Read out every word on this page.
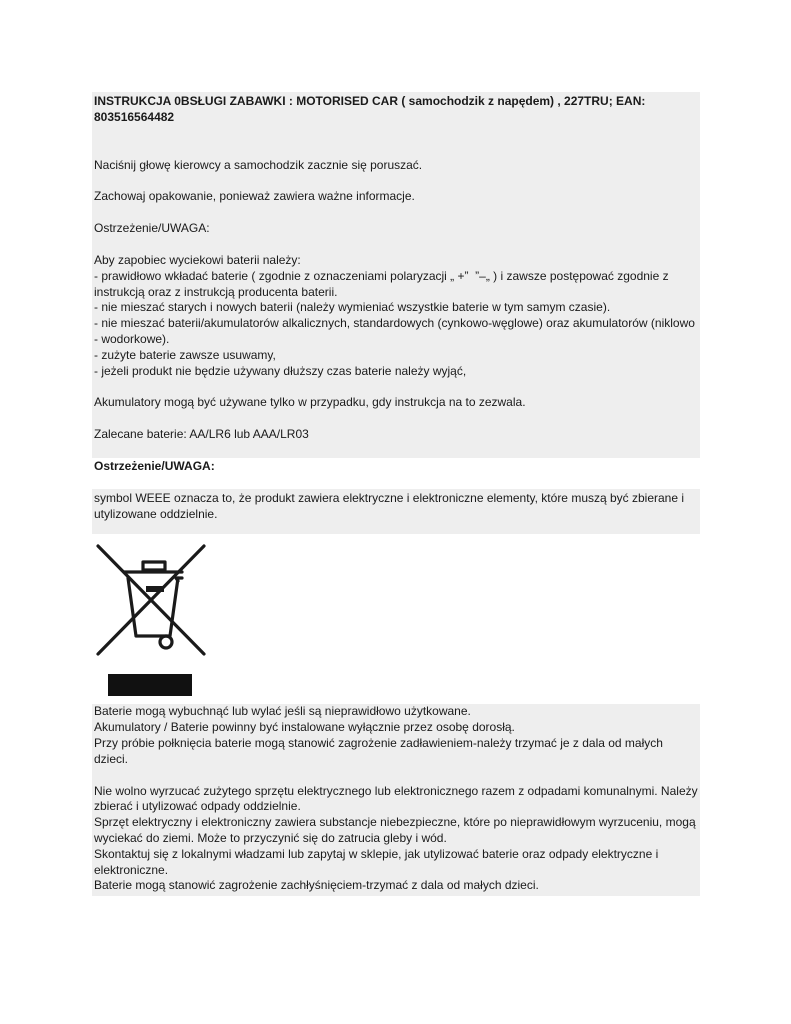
INSTRUKCJA 0BSŁUGI ZABAWKI : MOTORISED CAR ( samochodzik z napędem) , 227TRU; EAN: 803516564482
Naciśnij głowę kierowcy a samochodzik zacznie się poruszać.
Zachowaj opakowanie, ponieważ zawiera ważne informacje.
Ostrzeżenie/UWAGA:
Aby zapobiec wyciekowi baterii należy:
- prawidłowo wkładać baterie ( zgodnie z oznaczeniami polaryzacji „ +”  ”–„ ) i zawsze postępować zgodnie z
instrukcją oraz z instrukcją producenta baterii.
- nie mieszać starych i nowych baterii (należy wymieniać wszystkie baterie w tym samym czasie).
- nie mieszać baterii/akumulatorów alkalicznych, standardowych (cynkowo-węglowe) oraz akumulatorów (niklowo
- wodorkowe).
- zużyte baterie zawsze usuwamy,
- jeżeli produkt nie będzie używany dłuższy czas baterie należy wyjąć,
Akumulatory mogą być używane tylko w przypadku, gdy instrukcja na to zezwala.
Zalecane baterie: AA/LR6 lub AAA/LR03
Ostrzeżenie/UWAGA:
symbol WEEE oznacza to, że produkt zawiera elektryczne i elektroniczne elementy, które muszą być zbierane i
utylizowane oddzielnie.
Baterie mogą wybuchnąć lub wylać jeśli są nieprawidłowo użytkowane.
Akumulatory / Baterie powinny być instalowane wyłącznie przez osobę dorosłą.
Przy próbie połknięcia baterie mogą stanowić zagrożenie zadławieniem-należy trzymać je z dala od małych dzieci.
Nie wolno wyrzucać zużytego sprzętu elektrycznego lub elektronicznego razem z odpadami komunalnymi. Należy
zbierać i utylizować odpady oddzielnie.
Sprzęt elektryczny i elektroniczny zawiera substancje niebezpieczne, które po nieprawidłowym wyrzuceniu, mogą
wyciekać do ziemi. Może to przyczynić się do zatrucia gleby i wód.
Skontaktuj się z lokalnymi władzami lub zapytaj w sklepie, jak utylizować baterie oraz odpady elektryczne i
elektroniczne.
Baterie mogą stanowić zagrożenie zachłyśnięciem-trzymać z dala od małych dzieci.
